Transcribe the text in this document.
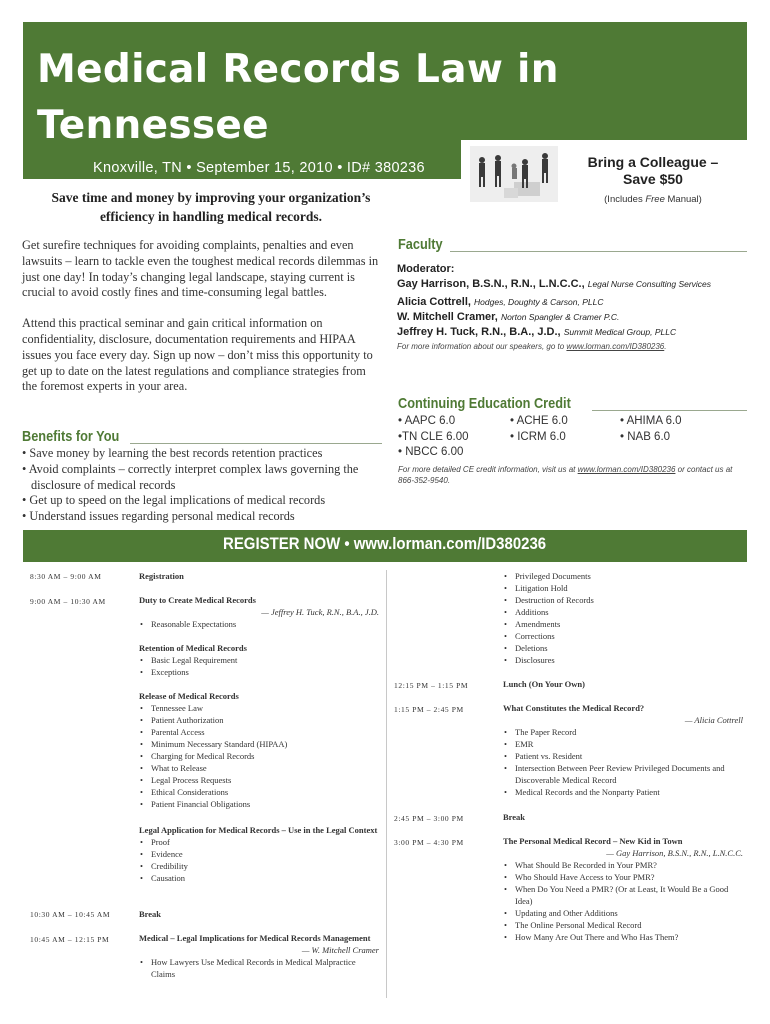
Medical Records Law in Tennessee
Knoxville, TN • September 15, 2010 • ID# 380236	Bring a Colleague –
Save $50
(Includes Free Manual)
Save time and money by improving your organization’s efficiency in handling medical records.

Get surefire techniques for avoiding complaints, penalties and even lawsuits – learn to tackle even the toughest medical records dilemmas in just one day! In today’s changing legal landscape, staying current is crucial to avoid costly fines and time-consuming legal battles.

Attend this practical seminar and gain critical information on confidentiality, disclosure, documentation requirements and HIPAA issues you face every day. Sign up now – don’t miss this opportunity to get up to date on the latest regulations and compliance strategies from the foremost experts in your area.

Benefits for You
• Save money by learning the best records retention practices
• Avoid complaints – correctly interpret complex laws governing the disclosure of medical records
• Get up to speed on the legal implications of medical records
• Understand issues regarding personal medical records
Faculty
Moderator:
Gay Harrison, B.S.N., R.N., L.N.C.C., Legal Nurse Consulting Services
Alicia Cottrell, Hodges, Doughty & Carson, PLLC
W. Mitchell Cramer, Norton Spangler & Cramer P.C.
Jeffrey H. Tuck, R.N., B.A., J.D., Summit Medical Group, PLLC
For more information about our speakers, go to www.lorman.com/ID380236.
Continuing Education Credit
• AAPC 6.0
•TN CLE 6.00
• NBCC 6.00
• ACHE 6.0
• ICRM 6.0
• AHIMA 6.0
• NAB 6.0
For more detailed CE credit information, visit us at www.lorman.com/ID380236 or contact us at 866-352-9540.
REGISTER NOW • www.lorman.com/ID380236
8:30 AM – 9:00 AM	Registration
9:00 AM – 10:30 AM	Duty to Create Medical Records
— Jeffrey H. Tuck, R.N., B.A., J.D.
• Reasonable Expectations
Retention of Medical Records
• Basic Legal Requirement
• Exceptions
Release of Medical Records
• Tennessee Law
• Patient Authorization
• Parental Access
• Minimum Necessary Standard (HIPAA)
• Charging for Medical Records
• What to Release
• Legal Process Requests
• Ethical Considerations
• Patient Financial Obligations
Legal Application for Medical Records – Use in the Legal Context
• Proof
• Evidence
• Credibility
• Causation
10:30 AM – 10:45 AM	Break
10:45 AM – 12:15 PM	Medical – Legal Implications for Medical Records Management
— W. Mitchell Cramer
• How Lawyers Use Medical Records in Medical Malpractice Claims
• Privileged Documents
• Litigation Hold
• Destruction of Records
• Additions
• Amendments
• Corrections
• Deletions
• Disclosures
12:15 PM – 1:15 PM	Lunch (On Your Own)
1:15 PM – 2:45 PM	What Constitutes the Medical Record?
— Alicia Cottrell
• The Paper Record
• EMR
• Patient vs. Resident
• Intersection Between Peer Review Privileged Documents and Discoverable Medical Record
• Medical Records and the Nonparty Patient
2:45 PM – 3:00 PM	Break
3:00 PM – 4:30 PM	The Personal Medical Record – New Kid in Town
— Gay Harrison, B.S.N., R.N., L.N.C.C.
• What Should Be Recorded in Your PMR?
• Who Should Have Access to Your PMR?
• When Do You Need a PMR? (Or at Least, It Would Be a Good Idea)
• Updating and Other Additions
• The Online Personal Medical Record
• How Many Are Out There and Who Has Them?
